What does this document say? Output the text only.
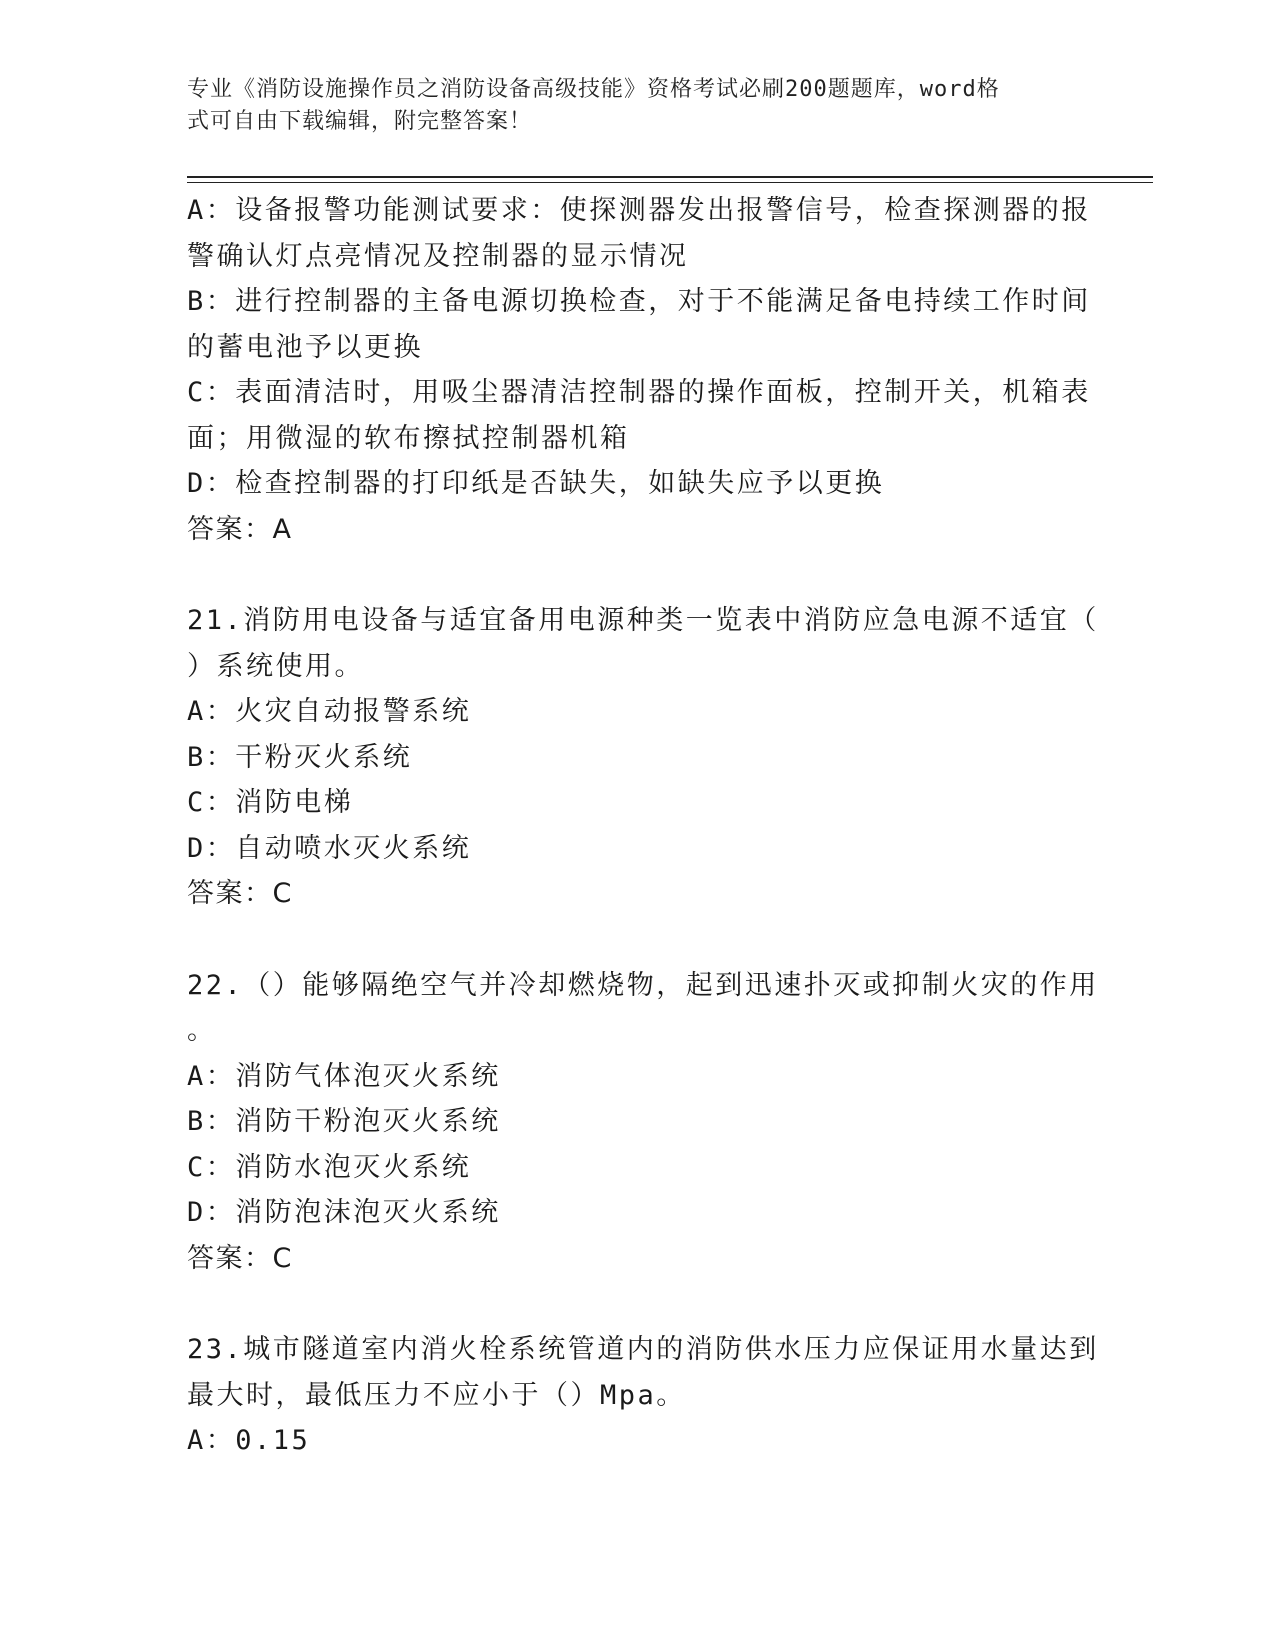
专业《消防设施操作员之消防设备高级技能》资格考试必刷200题题库，word格
式可自由下载编辑，附完整答案！
A：设备报警功能测试要求：使探测器发出报警信号，检查探测器的报
警确认灯点亮情况及控制器的显示情况
B：进行控制器的主备电源切换检查，对于不能满足备电持续工作时间
的蓄电池予以更换
C：表面清洁时，用吸尘器清洁控制器的操作面板，控制开关，机箱表
面；用微湿的软布擦拭控制器机箱
D：检查控制器的打印纸是否缺失，如缺失应予以更换
答案：A
21.消防用电设备与适宜备用电源种类一览表中消防应急电源不适宜（
）系统使用。
A：火灾自动报警系统
B：干粉灭火系统
C：消防电梯
D：自动喷水灭火系统
答案：C
22.（）能够隔绝空气并冷却燃烧物，起到迅速扑灭或抑制火灾的作用
。
A：消防气体泡灭火系统
B：消防干粉泡灭火系统
C：消防水泡灭火系统
D：消防泡沫泡灭火系统
答案：C
23.城市隧道室内消火栓系统管道内的消防供水压力应保证用水量达到
最大时，最低压力不应小于（）Mpa。
A：0.15
